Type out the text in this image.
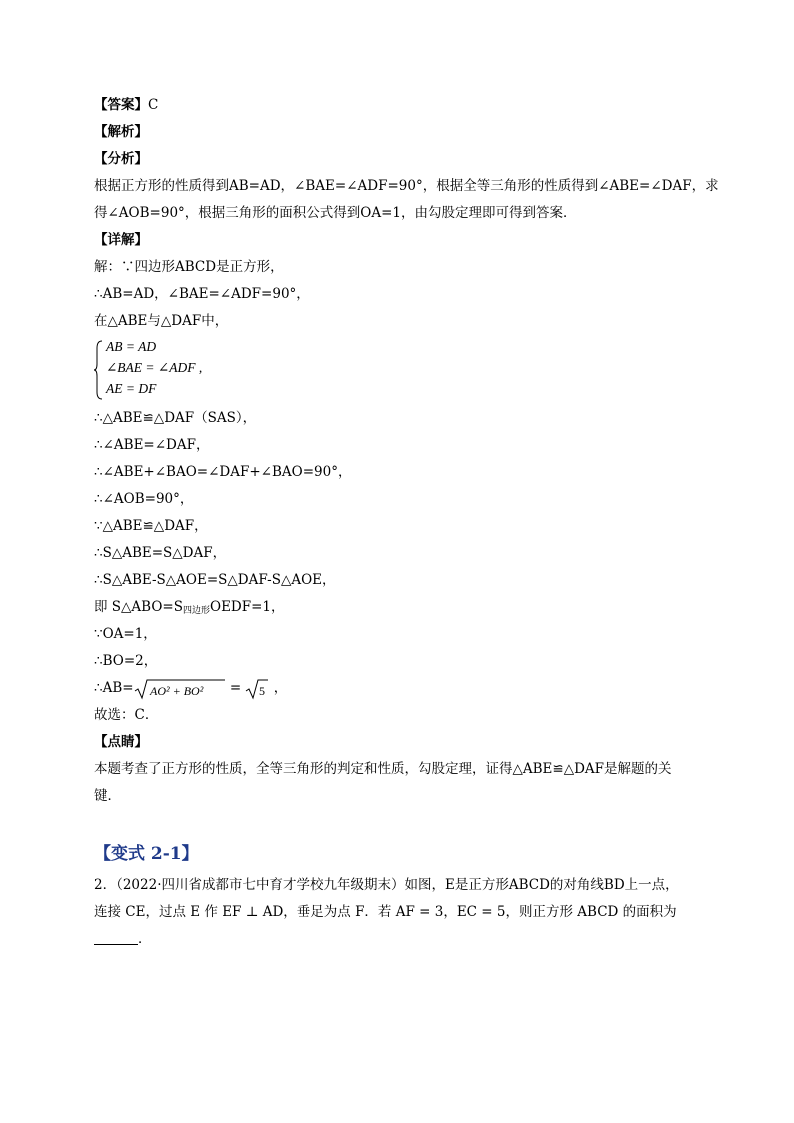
【答案】C
【解析】
【分析】
根据正方形的性质得到AB=AD，∠BAE=∠ADF=90°，根据全等三角形的性质得到∠ABE=∠DAF，求
得∠AOB=90°，根据三角形的面积公式得到OA=1，由勾股定理即可得到答案．
【详解】
解：∵四边形ABCD是正方形，
∴AB=AD，∠BAE=∠ADF=90°，
在△ABE与△DAF中，
AB = AD
∠BAE = ∠ADF ,
AE = DF
∴△ABE≌△DAF（SAS），
∴∠ABE=∠DAF，
∴∠ABE+∠BAO=∠DAF+∠BAO=90°，
∴∠AOB=90°，
∵△ABE≌△DAF，
∴S△ABE=S△DAF，
∴S△ABE-S△AOE=S△DAF-S△AOE，
即 $S\triangle ABO=S_{四边形}OEDF=1$，
∵OA=1，
∴BO=2，
∴AB= AO² + BO² = 5 ，
故选：C．
【点睛】
本题考查了正方形的性质，全等三角形的判定和性质，勾股定理，证得△ABE≌△DAF是解题的关
键．
【变式 2-1】
2．（2022·四川省成都市七中育才学校九年级期末）如图，E是正方形ABCD的对角线BD上一点，
连接 CE，过点 E 作 EF ⊥ AD，垂足为点 F．若 AF = 3，EC = 5，则正方形 ABCD 的面积为
．
